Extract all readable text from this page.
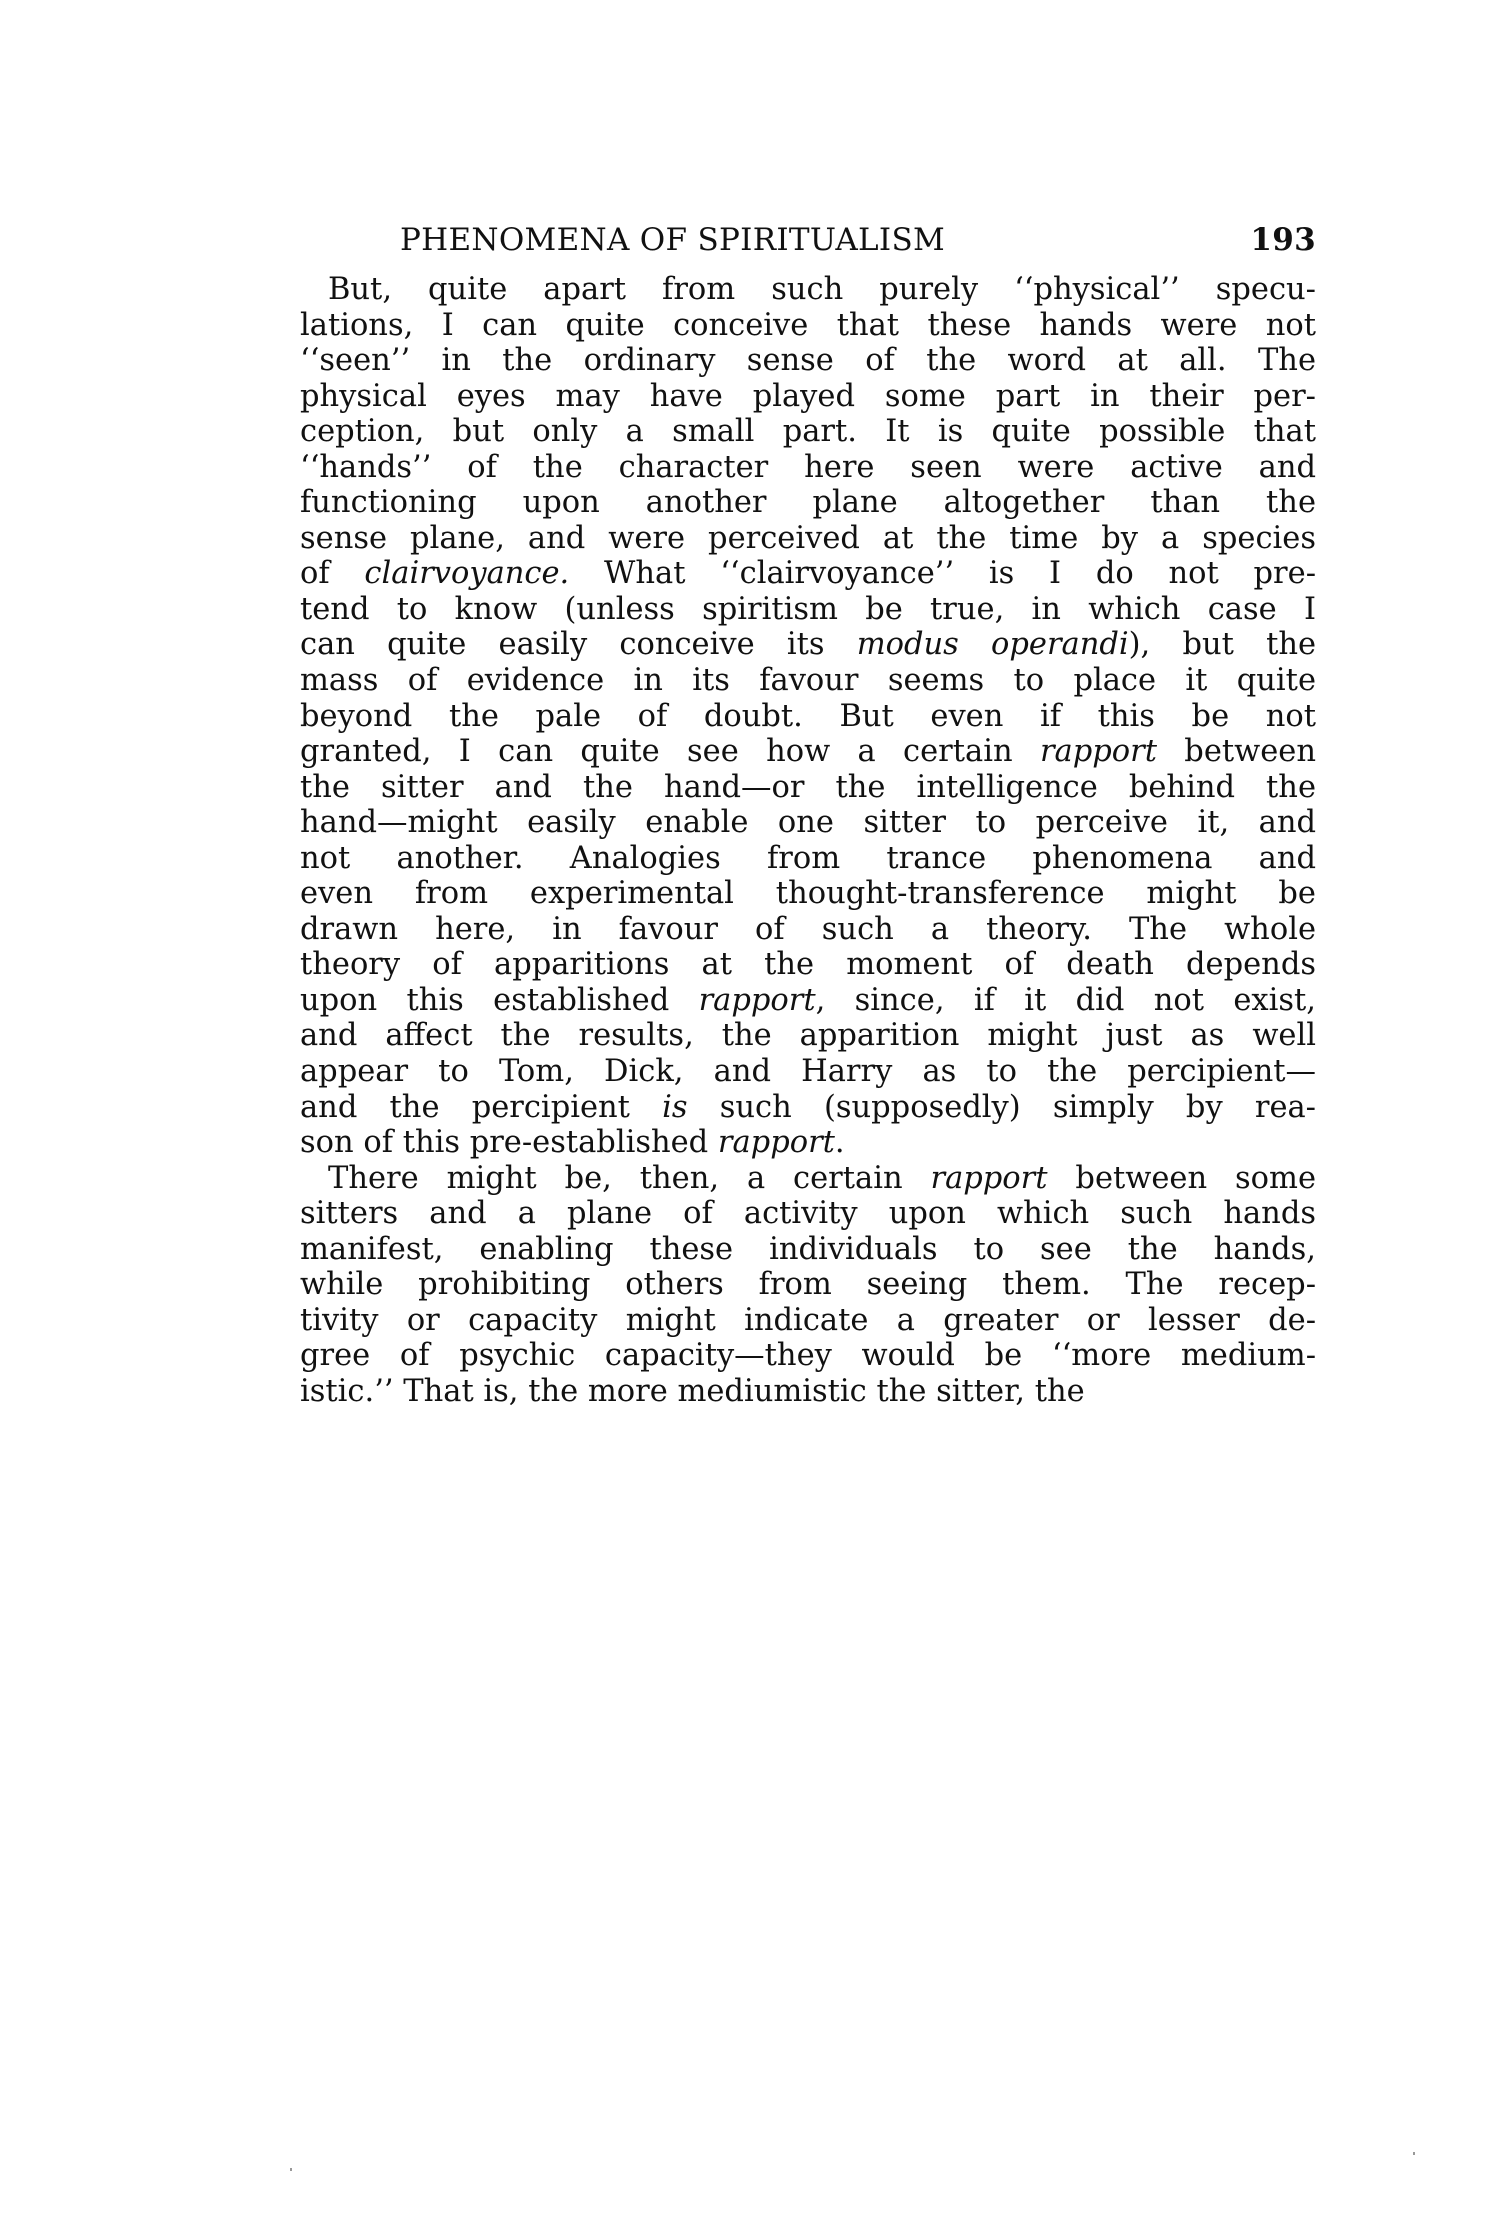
PHENOMENA OF SPIRITUALISM	193
But, quite apart from such purely ‘‘physical’’ specu-
lations, I can quite conceive that these hands were not
‘‘seen’’ in the ordinary sense of the word at all. The
physical eyes may have played some part in their per-
ception, but only a small part. It is quite possible that
‘‘hands’’ of the character here seen were active and
functioning upon another plane altogether than the
sense plane, and were perceived at the time by a species
of clairvoyance. What ‘‘clairvoyance’’ is I do not pre-
tend to know (unless spiritism be true, in which case I
can quite easily conceive its modus operandi), but the
mass of evidence in its favour seems to place it quite
beyond the pale of doubt. But even if this be not
granted, I can quite see how a certain rapport between
the sitter and the hand—or the intelligence behind the
hand—might easily enable one sitter to perceive it, and
not another. Analogies from trance phenomena and
even from experimental thought-transference might be
drawn here, in favour of such a theory. The whole
theory of apparitions at the moment of death depends
upon this established rapport, since, if it did not exist,
and affect the results, the apparition might just as well
appear to Tom, Dick, and Harry as to the percipient—
and the percipient is such (supposedly) simply by rea-
son of this pre-established rapport.
There might be, then, a certain rapport between some
sitters and a plane of activity upon which such hands
manifest, enabling these individuals to see the hands,
while prohibiting others from seeing them. The recep-
tivity or capacity might indicate a greater or lesser de-
gree of psychic capacity—they would be ‘‘more medium-
istic.’’ That is, the more mediumistic the sitter, the
